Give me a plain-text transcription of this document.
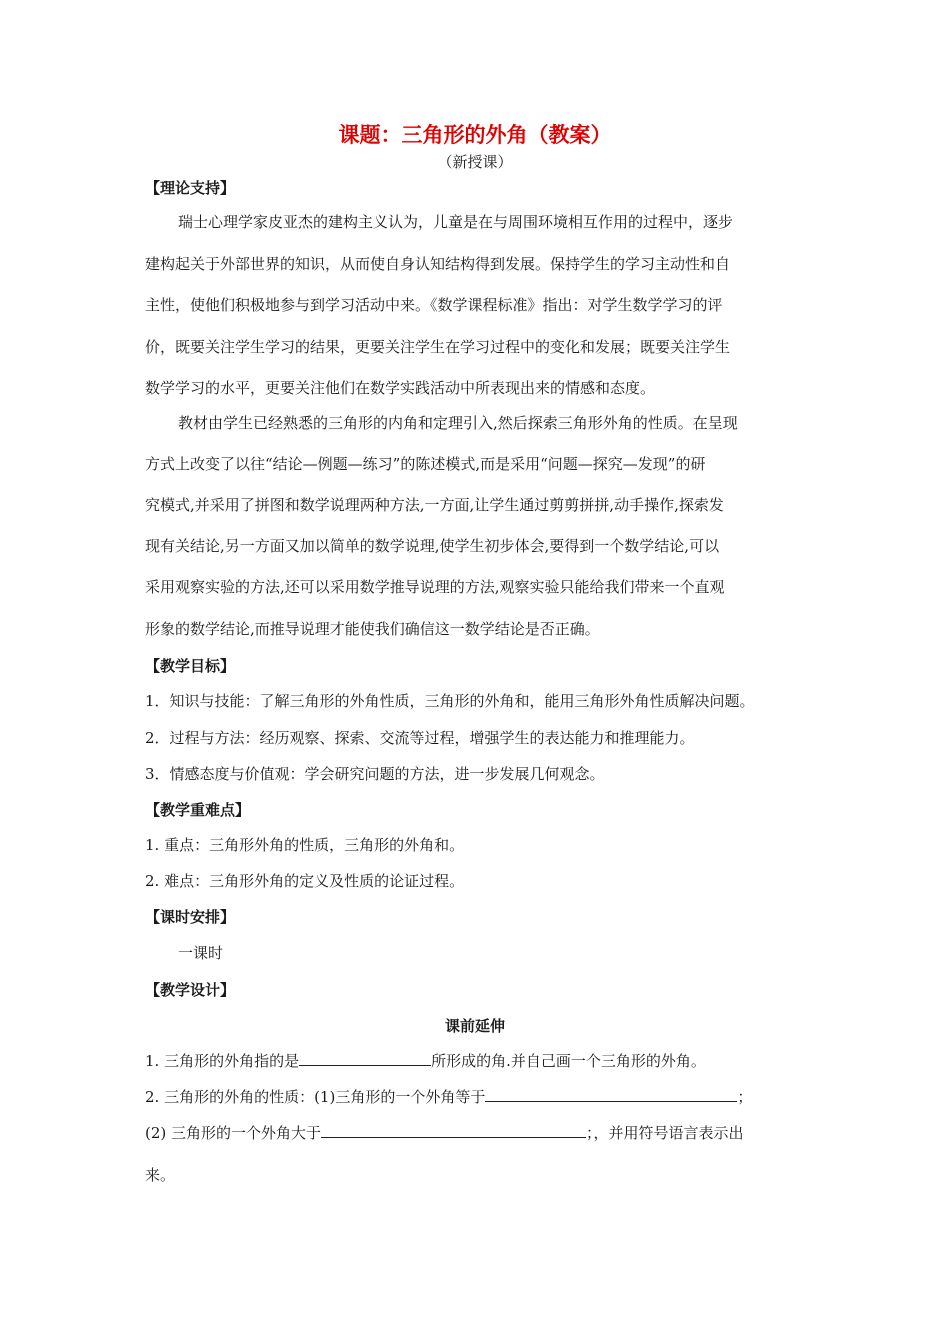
课题：三角形的外角（教案）
（新授课）
【理论支持】
瑞士心理学家皮亚杰的建构主义认为，儿童是在与周围环境相互作用的过程中，逐步
建构起关于外部世界的知识，从而使自身认知结构得到发展。保持学生的学习主动性和自
主性，使他们积极地参与到学习活动中来。《数学课程标准》指出：对学生数学学习的评
价，既要关注学生学习的结果，更要关注学生在学习过程中的变化和发展；既要关注学生
数学学习的水平，更要关注他们在数学实践活动中所表现出来的情感和态度。
教材由学生已经熟悉的三角形的内角和定理引入,然后探索三角形外角的性质。在呈现
方式上改变了以往“结论—例题—练习”的陈述模式,而是采用“问题—探究—发现”的研
究模式,并采用了拼图和数学说理两种方法,一方面,让学生通过剪剪拼拼,动手操作,探索发
现有关结论,另一方面又加以简单的数学说理,使学生初步体会,要得到一个数学结论,可以
采用观察实验的方法,还可以采用数学推导说理的方法,观察实验只能给我们带来一个直观
形象的数学结论,而推导说理才能使我们确信这一数学结论是否正确。
【教学目标】
1．知识与技能：了解三角形的外角性质，三角形的外角和，能用三角形外角性质解决问题。
2．过程与方法：经历观察、探索、交流等过程，增强学生的表达能力和推理能力。
3．情感态度与价值观：学会研究问题的方法，进一步发展几何观念。
【教学重难点】
1. 重点：三角形外角的性质，三角形的外角和。
2. 难点：三角形外角的定义及性质的论证过程。
【课时安排】
一课时
【教学设计】
课前延伸
1. 三角形的外角指的是	所形成的角.并自己画一个三角形的外角。
2. 三角形的外角的性质：(1)三角形的一个外角等于	；
(2) 三角形的一个外角大于	；，并用符号语言表示出
来。
